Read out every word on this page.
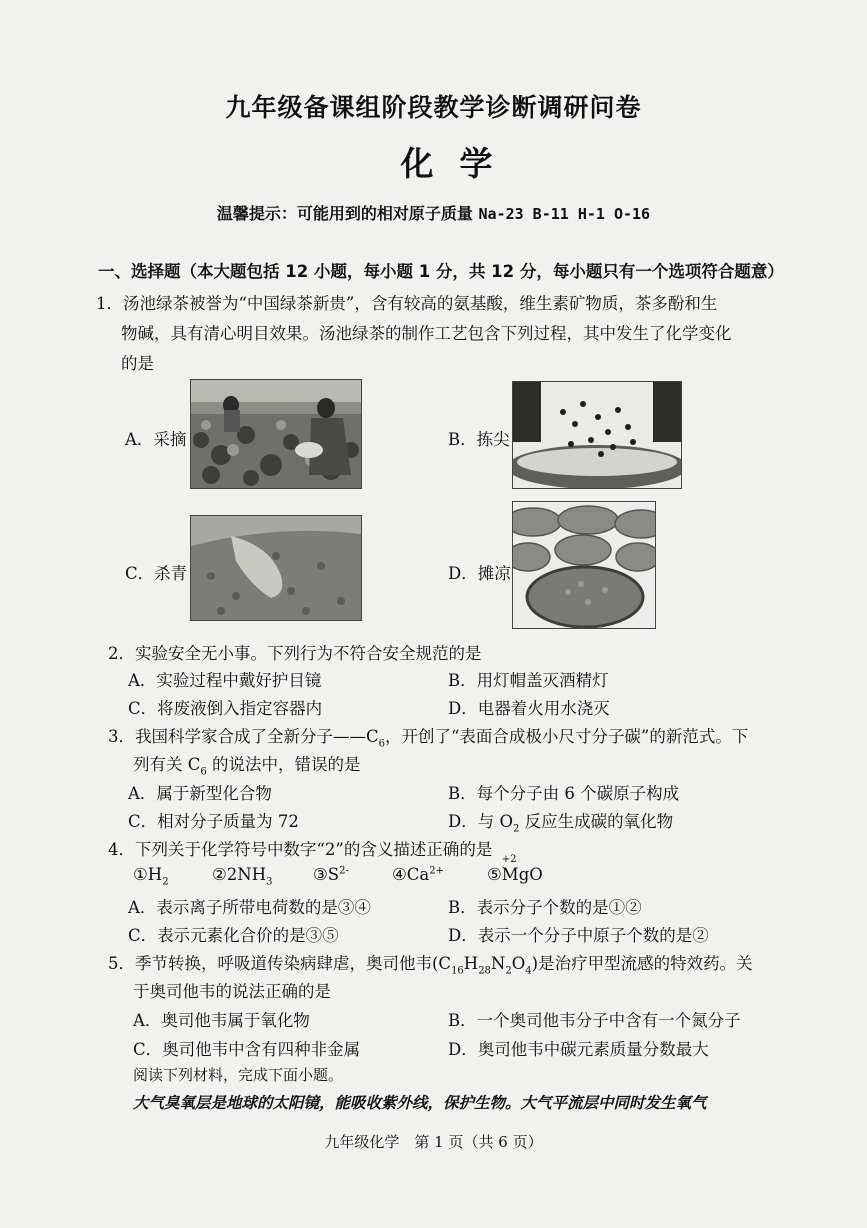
九年级备课组阶段教学诊断调研问卷
化学
温馨提示：可能用到的相对原子质量 Na-23 B-11 H-1 O-16
一、选择题（本大题包括 12 小题，每小题 1 分，共 12 分，每小题只有一个选项符合题意）
1．汤池绿茶被誉为“中国绿茶新贵”，含有较高的氨基酸，维生素矿物质，茶多酚和生
物碱，具有清心明目效果。汤池绿茶的制作工艺包含下列过程，其中发生了化学变化
的是
A．采摘	B．拣尖
C．杀青	D．摊凉
2．实验安全无小事。下列行为不符合安全规范的是
A．实验过程中戴好护目镜	B．用灯帽盖灭酒精灯
C．将废液倒入指定容器内	D．电器着火用水浇灭
3．我国科学家合成了全新分子$——C_6$，开创了“表面合成极小尺寸分子碳”的新范式。下
列有关 $C_6$ 的说法中，错误的是
A．属于新型化合物	B．每个分子由 6 个碳原子构成
C．相对分子质量为 72	D．与 $O_2$ 反应生成碳的氧化物
4．下列关于化学符号中数字“2”的含义描述正确的是
$①H_2$	$②2NH_3$ $③S^{2-}$	$④Ca^{2+}$	⑤
+2
MgO
A．表示离子所带电荷数的是③④	B．表示分子个数的是①②
C．表示元素化合价的是③⑤	D．表示一个分子中原子个数的是②
5．季节转换，呼吸道传染病肆虐，奥司他韦$(C_{16}H_{28}N_2O_4)$是治疗甲型流感的特效药。关
于奥司他韦的说法正确的是
A．奥司他韦属于氧化物	B．一个奥司他韦分子中含有一个氮分子
C．奥司他韦中含有四种非金属	D．奥司他韦中碳元素质量分数最大
阅读下列材料，完成下面小题。
大气臭氧层是地球的太阳镜，能吸收紫外线，保护生物。大气平流层中同时发生氧气
九年级化学　第 1 页（共 6 页）
